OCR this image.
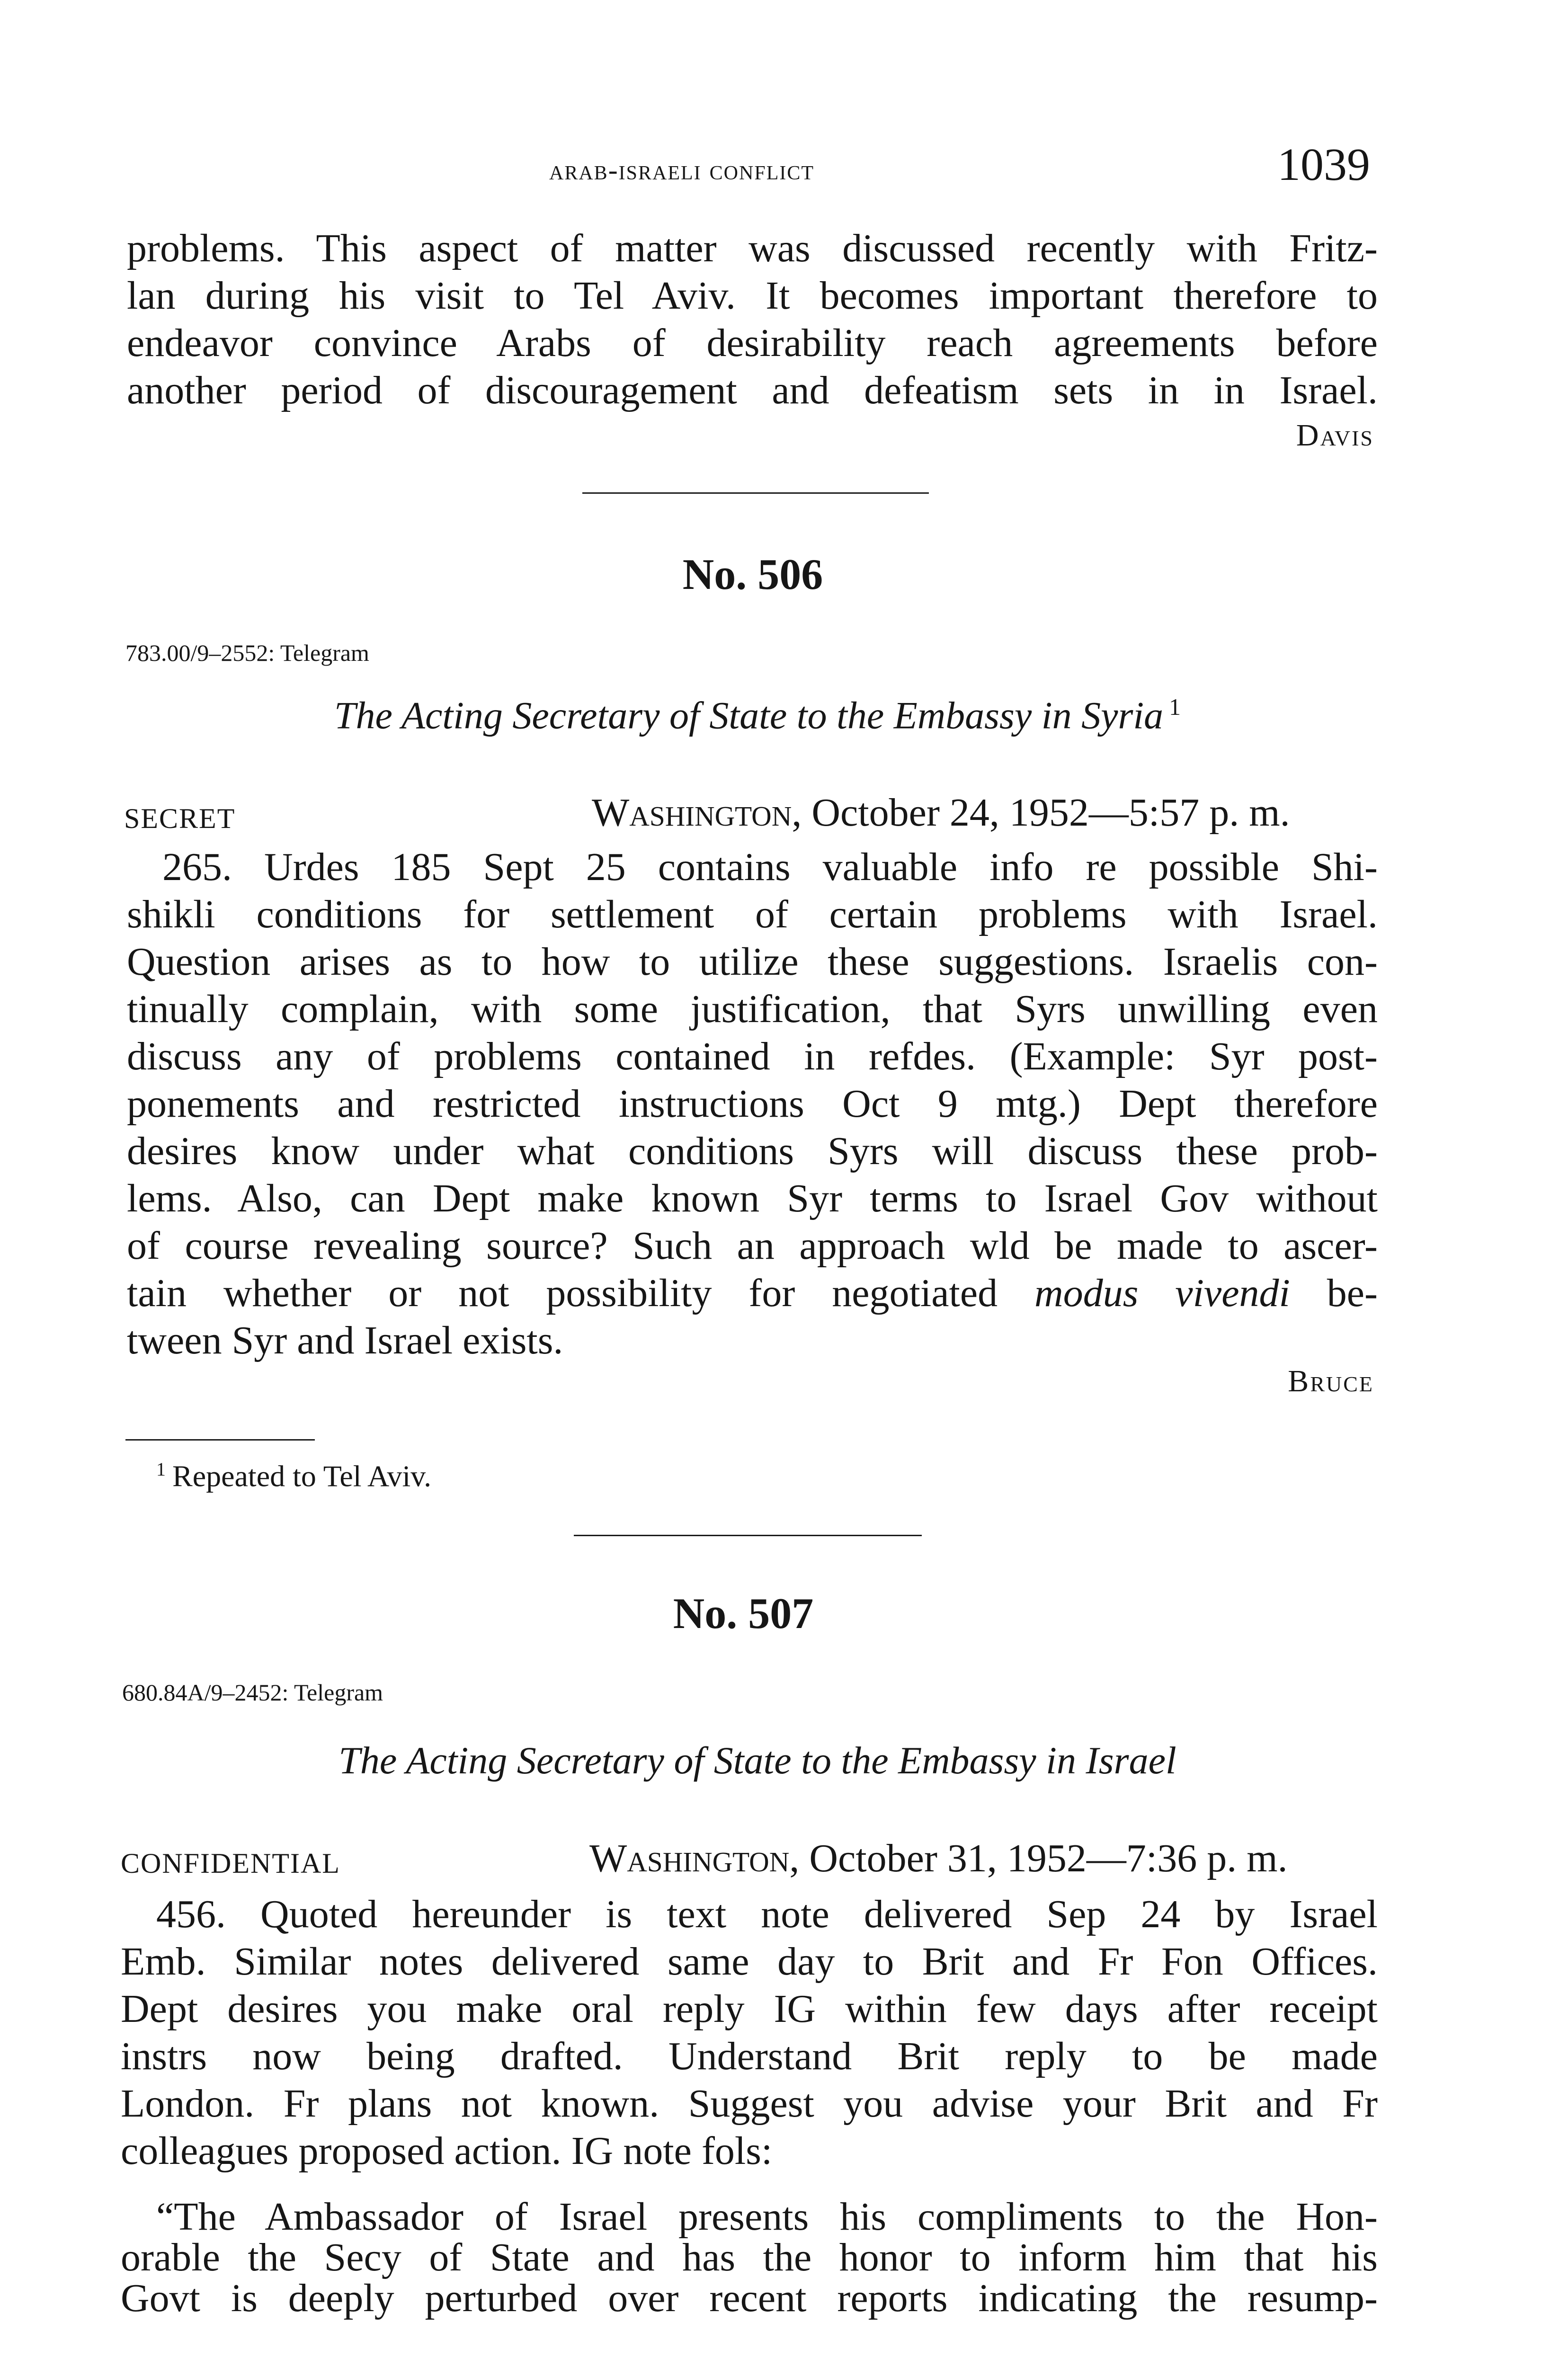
arab-israeli conflict	1039
problems. This aspect of matter was discussed recently with Fritz-
lan during his visit to Tel Aviv. It becomes important therefore to
endeavor convince Arabs of desirability reach agreements before
another period of discouragement and defeatism sets in in Israel.
Davis
No. 506
783.00/9–2552: Telegram
The Acting Secretary of State to the Embassy in Syria $^1$
SECRET	Washington, October 24, 1952—5:57 p. m.
265. Urdes 185 Sept 25 contains valuable info re possible Shi-
shikli conditions for settlement of certain problems with Israel.
Question arises as to how to utilize these suggestions. Israelis con-
tinually complain, with some justification, that Syrs unwilling even
discuss any of problems contained in refdes. (Example: Syr post-
ponements and restricted instructions Oct 9 mtg.) Dept therefore
desires know under what conditions Syrs will discuss these prob-
lems. Also, can Dept make known Syr terms to Israel Gov without
of course revealing source? Such an approach wld be made to ascer-
tain whether or not possibility for negotiated modus vivendi be-
tween Syr and Israel exists.
Bruce
$^1$ Repeated to Tel Aviv.
No. 507
680.84A/9–2452: Telegram
The Acting Secretary of State to the Embassy in Israel
CONFIDENTIAL	Washington, October 31, 1952—7:36 p. m.
456. Quoted hereunder is text note delivered Sep 24 by Israel
Emb. Similar notes delivered same day to Brit and Fr Fon Offices.
Dept desires you make oral reply IG within few days after receipt
instrs now being drafted. Understand Brit reply to be made
London. Fr plans not known. Suggest you advise your Brit and Fr
colleagues proposed action. IG note fols:
“The Ambassador of Israel presents his compliments to the Hon-
orable the Secy of State and has the honor to inform him that his
Govt is deeply perturbed over recent reports indicating the resump-
